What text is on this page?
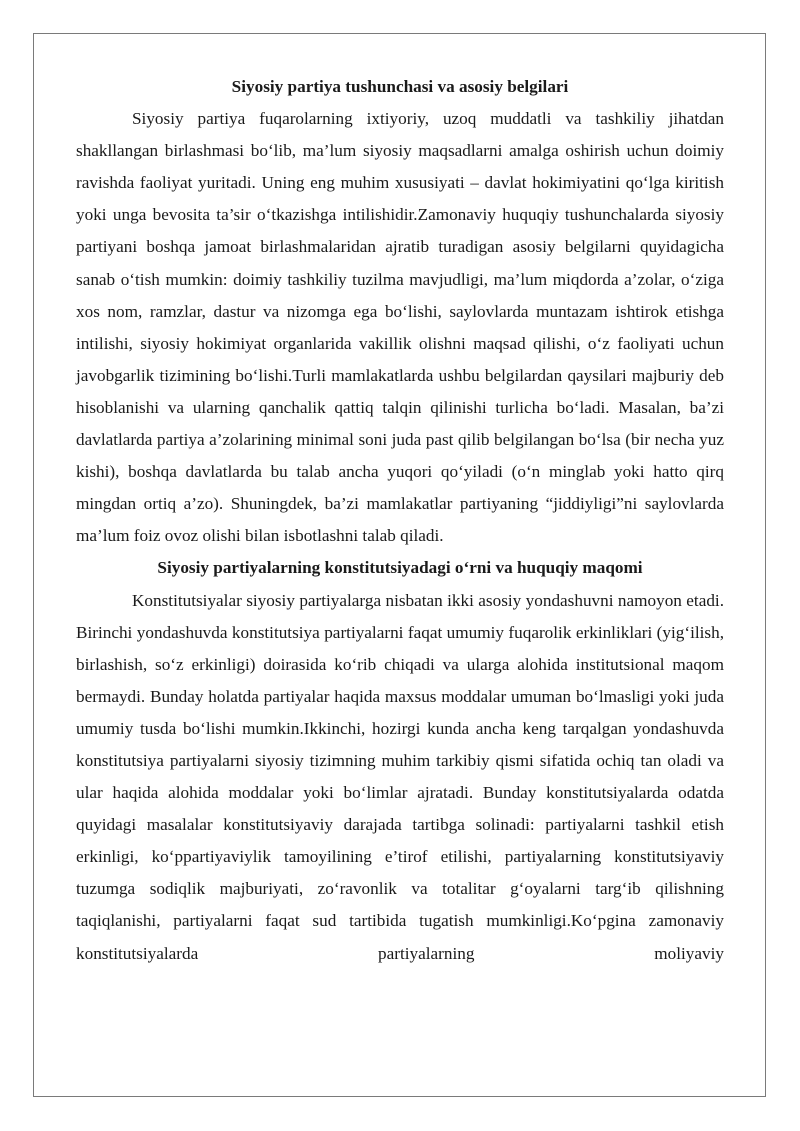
Siyosiy partiya tushunchasi va asosiy belgilari

Siyosiy partiya fuqarolarning ixtiyoriy, uzoq muddatli va tashkiliy jihatdan shakllangan birlashmasi bo‘lib, ma’lum siyosiy maqsadlarni amalga oshirish uchun doimiy ravishda faoliyat yuritadi. Uning eng muhim xususiyati – davlat hokimiyatini qo‘lga kiritish yoki unga bevosita ta’sir o‘tkazishga intilishidir.Zamonaviy huquqiy tushunchalarda siyosiy partiyani boshqa jamoat birlashmalaridan ajratib turadigan asosiy belgilarni quyidagicha sanab o‘tish mumkin: doimiy tashkiliy tuzilma mavjudligi, ma’lum miqdorda a’zolar, o‘ziga xos nom, ramzlar, dastur va nizomga ega bo‘lishi, saylovlarda muntazam ishtirok etishga intilishi, siyosiy hokimiyat organlarida vakillik olishni maqsad qilishi, o‘z faoliyati uchun javobgarlik tizimining bo‘lishi.Turli mamlakatlarda ushbu belgilardan qaysilari majburiy deb hisoblanishi va ularning qanchalik qattiq talqin qilinishi turlicha bo‘ladi. Masalan, ba’zi davlatlarda partiya a’zolarining minimal soni juda past qilib belgilangan bo‘lsa (bir necha yuz kishi), boshqa davlatlarda bu talab ancha yuqori qo‘yiladi (o‘n minglab yoki hatto qirq mingdan ortiq a’zo). Shuningdek, ba’zi mamlakatlar partiyaning “jiddiyligi”ni saylovlarda ma’lum foiz ovoz olishi bilan isbotlashni talab qiladi.

Siyosiy partiyalarning konstitutsiyadagi o‘rni va huquqiy maqomi

Konstitutsiyalar siyosiy partiyalarga nisbatan ikki asosiy yondashuvni namoyon etadi. Birinchi yondashuvda konstitutsiya partiyalarni faqat umumiy fuqarolik erkinliklari (yig‘ilish, birlashish, so‘z erkinligi) doirasida ko‘rib chiqadi va ularga alohida institutsional maqom bermaydi. Bunday holatda partiyalar haqida maxsus moddalar umuman bo‘lmasligi yoki juda umumiy tusda bo‘lishi mumkin.Ikkinchi, hozirgi kunda ancha keng tarqalgan yondashuvda konstitutsiya partiyalarni siyosiy tizimning muhim tarkibiy qismi sifatida ochiq tan oladi va ular haqida alohida moddalar yoki bo‘limlar ajratadi. Bunday konstitutsiyalarda odatda quyidagi masalalar konstitutsiyaviy darajada tartibga solinadi: partiyalarni tashkil etish erkinligi, ko‘ppartiyaviylik tamoyilining e’tirof etilishi, partiyalarning konstitutsiyaviy tuzumga sodiqlik majburiyati, zo‘ravonlik va totalitar g‘oyalarni targ‘ib qilishning taqiqlanishi, partiyalarni faqat sud tartibida tugatish mumkinligi.Ko‘pgina zamonaviy konstitutsiyalarda partiyalarning moliyaviy
